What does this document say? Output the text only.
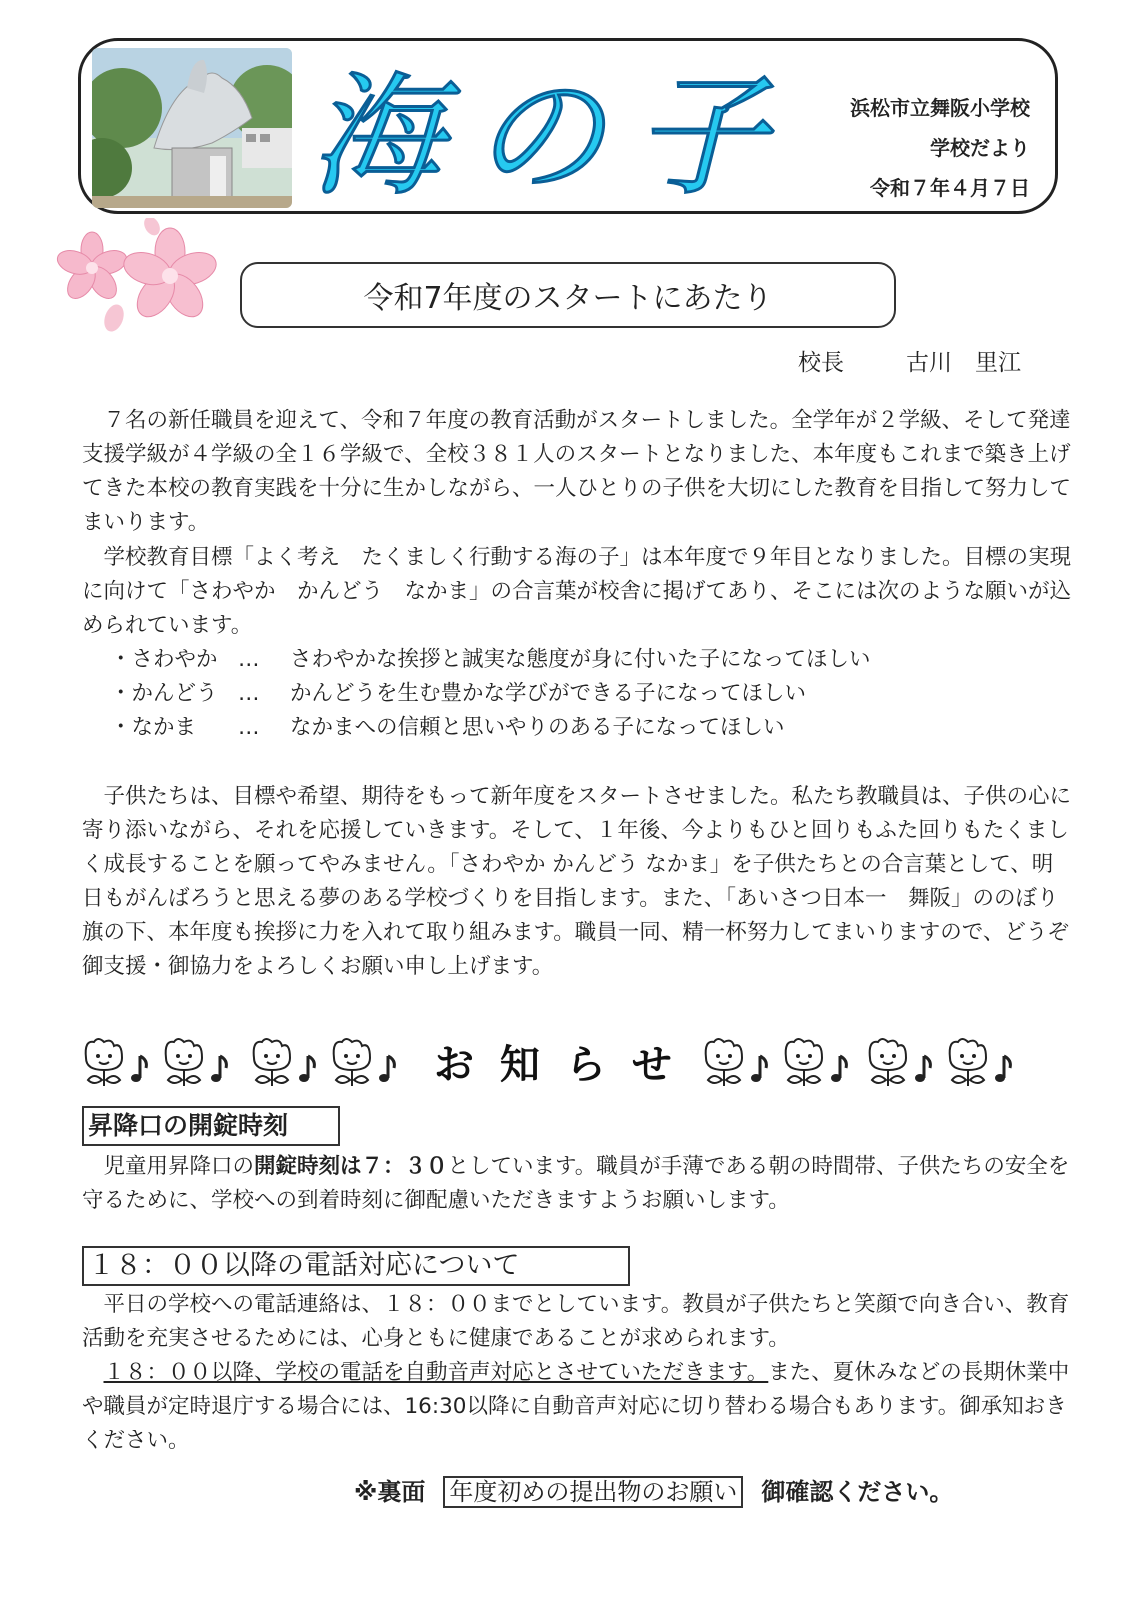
海の子	浜松市立舞阪小学校
学校だより
令和７年４月７日
令和7年度のスタートにあたり
校長	古川　里江

７名の新任職員を迎えて、令和７年度の教育活動がスタートしました。全学年が２学級、そして発達支援学級が４学級の全１６学級で、全校３８１人のスタートとなりました、本年度もこれまで築き上げてきた本校の教育実践を十分に生かしながら、一人ひとりの子供を大切にした教育を目指して努力してまいります。

学校教育目標「よく考え　たくましく行動する海の子」は本年度で９年目となりました。目標の実現に向けて「さわやか　かんどう　なかま」の合言葉が校舎に掲げてあり、そこには次のような願いが込められています。

・さわやか … さわやかな挨拶と誠実な態度が身に付いた子になってほしい
・かんどう … かんどうを生む豊かな学びができる子になってほしい
・なかま … なかまへの信頼と思いやりのある子になってほしい

子供たちは、目標や希望、期待をもって新年度をスタートさせました。私たち教職員は、子供の心に寄り添いながら、それを応援していきます。そして、１年後、今よりもひと回りもふた回りもたくましく成長することを願ってやみません。「さわやか かんどう なかま」を子供たちとの合言葉として、明日もがんばろうと思える夢のある学校づくりを目指します。また、「あいさつ日本一　舞阪」ののぼり旗の下、本年度も挨拶に力を入れて取り組みます。職員一同、精一杯努力してまいりますので、どうぞ御支援・御協力をよろしくお願い申し上げます。

お 知 ら せ
昇降口の開錠時刻

児童用昇降口の開錠時刻は７：３０としています。職員が手薄である朝の時間帯、子供たちの安全を守るために、学校への到着時刻に御配慮いただきますようお願いします。

１８：００以降の電話対応について

平日の学校への電話連絡は、１８：００までとしています。教員が子供たちと笑顔で向き合い、教育活動を充実させるためには、心身ともに健康であることが求められます。

１８：００以降、学校の電話を自動音声対応とさせていただきます。また、夏休みなどの長期休業中や職員が定時退庁する場合には、16:30以降に自動音声対応に切り替わる場合もあります。御承知おきください。

※裏面 年度初めの提出物のお願い 御確認ください。
